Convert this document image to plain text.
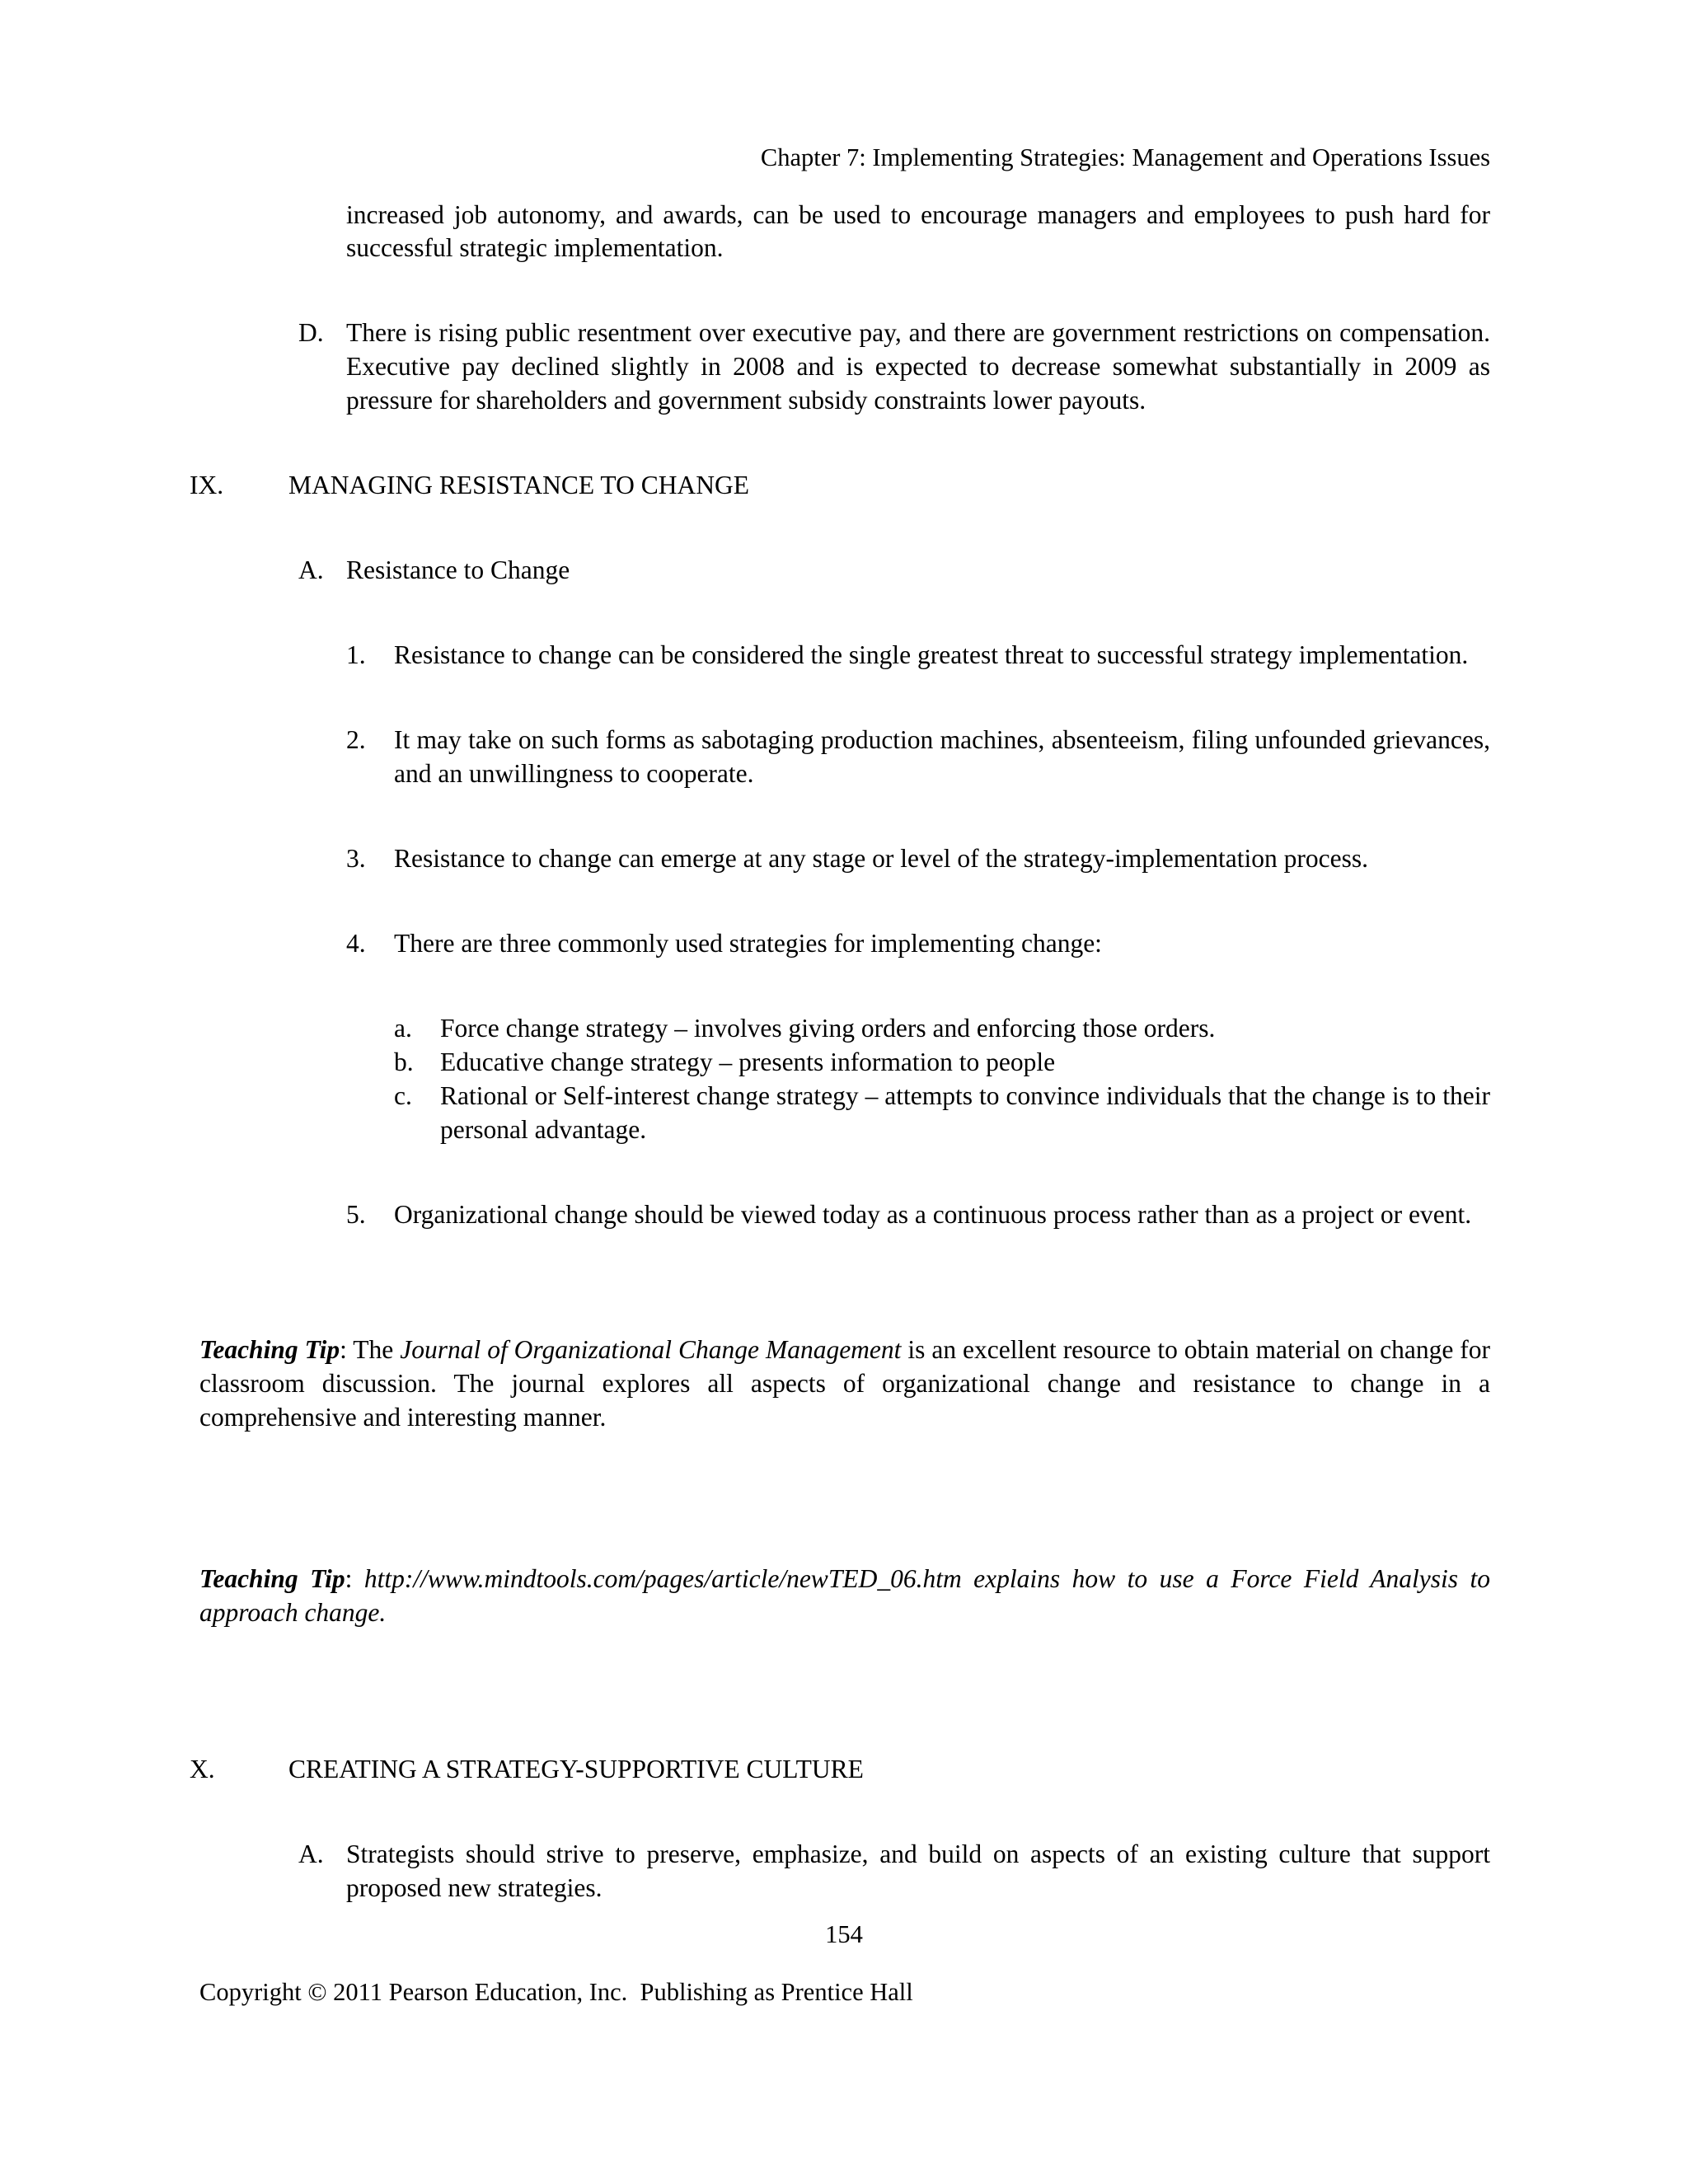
Chapter 7: Implementing Strategies: Management and Operations Issues

increased job autonomy, and awards, can be used to encourage managers and employees to push hard for successful strategic implementation.

D. There is rising public resentment over executive pay, and there are government restrictions on compensation. Executive pay declined slightly in 2008 and is expected to decrease somewhat substantially in 2009 as pressure for shareholders and government subsidy constraints lower payouts.
IX.	MANAGING RESISTANCE TO CHANGE
A. Resistance to Change
1.	Resistance to change can be considered the single greatest threat to successful strategy implementation.
2.	It may take on such forms as sabotaging production machines, absenteeism, filing unfounded grievances, and an unwillingness to cooperate.
3.	Resistance to change can emerge at any stage or level of the strategy-implementation process.
4.	There are three commonly used strategies for implementing change:
a.	Force change strategy – involves giving orders and enforcing those orders.
b.	Educative change strategy – presents information to people
c.	Rational or Self-interest change strategy – attempts to convince individuals that the change is to their personal advantage.
5.	Organizational change should be viewed today as a continuous process rather than as a project or event.

Teaching Tip: The Journal of Organizational Change Management is an excellent resource to obtain material on change for classroom discussion. The journal explores all aspects of organizational change and resistance to change in a comprehensive and interesting manner.

Teaching Tip: http://www.mindtools.com/pages/article/newTED_06.htm explains how to use a Force Field Analysis to approach change.

X.	CREATING A STRATEGY-SUPPORTIVE CULTURE
A. Strategists should strive to preserve, emphasize, and build on aspects of an existing culture that support proposed new strategies.
154
Copyright © 2011 Pearson Education, Inc.  Publishing as Prentice Hall
